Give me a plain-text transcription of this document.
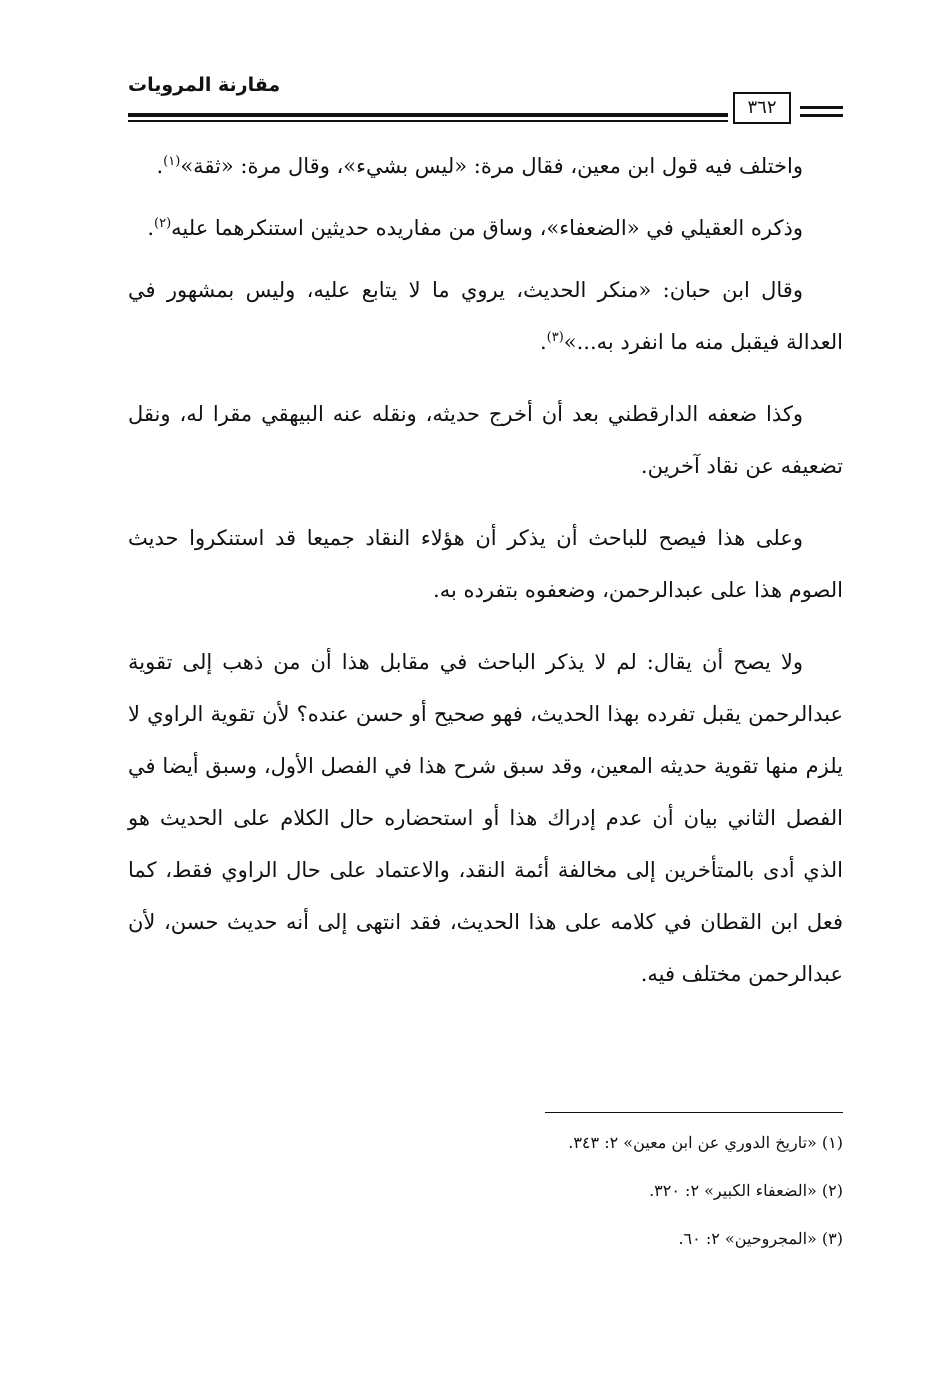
مقارنة المرويات
٣٦٢

واختلف فيه قول ابن معين، فقال مرة: «ليس بشيء»، وقال مرة: «ثقة»$^{(١)}$.

وذكره العقيلي في «الضعفاء»، وساق من مفاريده حديثين استنكرهما عليه$^{(٢)}$.

وقال ابن حبان: «منكر الحديث، يروي ما لا يتابع عليه، وليس بمشهور في العدالة فيقبل منه ما انفرد به...»$^{(٣)}$.

وكذا ضعفه الدارقطني بعد أن أخرج حديثه، ونقله عنه البيهقي مقرا له، ونقل تضعيفه عن نقاد آخرين.

وعلى هذا فيصح للباحث أن يذكر أن هؤلاء النقاد جميعا قد استنكروا حديث الصوم هذا على عبدالرحمن، وضعفوه بتفرده به.

ولا يصح أن يقال: لم لا يذكر الباحث في مقابل هذا أن من ذهب إلى تقوية عبدالرحمن يقبل تفرده بهذا الحديث، فهو صحيح أو حسن عنده؟ لأن تقوية الراوي لا يلزم منها تقوية حديثه المعين، وقد سبق شرح هذا في الفصل الأول، وسبق أيضا في الفصل الثاني بيان أن عدم إدراك هذا أو استحضاره حال الكلام على الحديث هو الذي أدى بالمتأخرين إلى مخالفة أئمة النقد، والاعتماد على حال الراوي فقط، كما فعل ابن القطان في كلامه على هذا الحديث، فقد انتهى إلى أنه حديث حسن، لأن عبدالرحمن مختلف فيه.

(١) «تاريخ الدوري عن ابن معين» ٢: ٣٤٣.
(٢) «الضعفاء الكبير» ٢: ٣٢٠.
(٣) «المجروحين» ٢: ٦٠.
